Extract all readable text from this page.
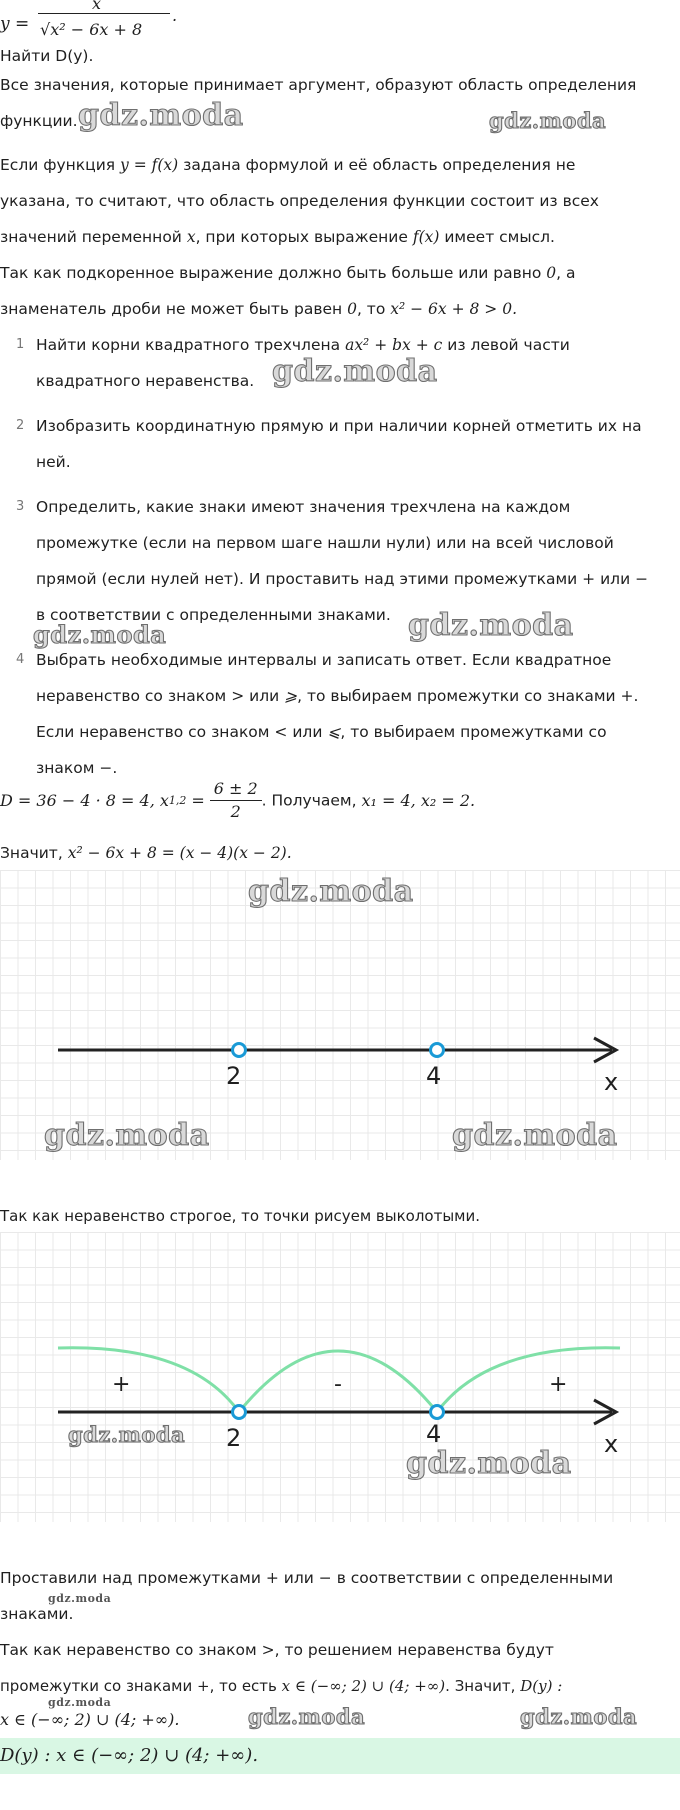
y =
x
√x² − 6x + 8
.
Найти D(y).
Все значения, которые принимает аргумент, образуют область определения
функции. gdz.moda	gdz.moda
Если функция y = f(x) задана формулой и её область определения не
указана, то считают, что область определения функции состоит из всех
значений переменной x, при которых выражение f(x) имеет смысл.
Так как подкоренное выражение должно быть больше или равно 0, а
знаменатель дроби не может быть равен 0, то x² − 6x + 8 > 0.
1 Найти корни квадратного трехчлена ax² + bx + c из левой части
квадратного неравенства. gdz.moda
2 Изобразить координатную прямую и при наличии корней отметить их на
ней.
3 Определить, какие знаки имеют значения трехчлена на каждом
промежутке (если на первом шаге нашли нули) или на всей числовой
прямой (если нулей нет). И проставить над этими промежутками + или −
в соответствии с определенными знаками.
gdz.moda	gdz.moda
4 Выбрать необходимые интервалы и записать ответ. Если квадратное
неравенство со знаком > или ⩾, то выбираем промежутки со знаками +.
Если неравенство со знаком < или ⩽, то выбираем промежутками со
знаком −.
D = 36 − 4 · 8 = 4, $x1,2 = \frac{6 \pm 2}{2}$ . Получаем, x₁ = 4, x₂ = 2.
Значит, x² − 6x + 8 = (x − 4)(x − 2).
2	4	x
gdz.moda
gdz.moda	gdz.moda
Так как неравенство строгое, то точки рисуем выколотыми.
+	-	+
2	4	x
gdz.moda
gdz.moda
Проставили над промежутками + или − в соответствии с определенными
знаками.
gdz.moda
Так как неравенство со знаком >, то решением неравенства будут
промежутки со знаками +, то есть x ∈ (−∞; 2) ∪ (4; +∞). Значит, D(y) :
gdz.moda
x ∈ (−∞; 2) ∪ (4; +∞).	gdz.moda	gdz.moda
D(y) : x ∈ (−∞; 2) ∪ (4; +∞).
